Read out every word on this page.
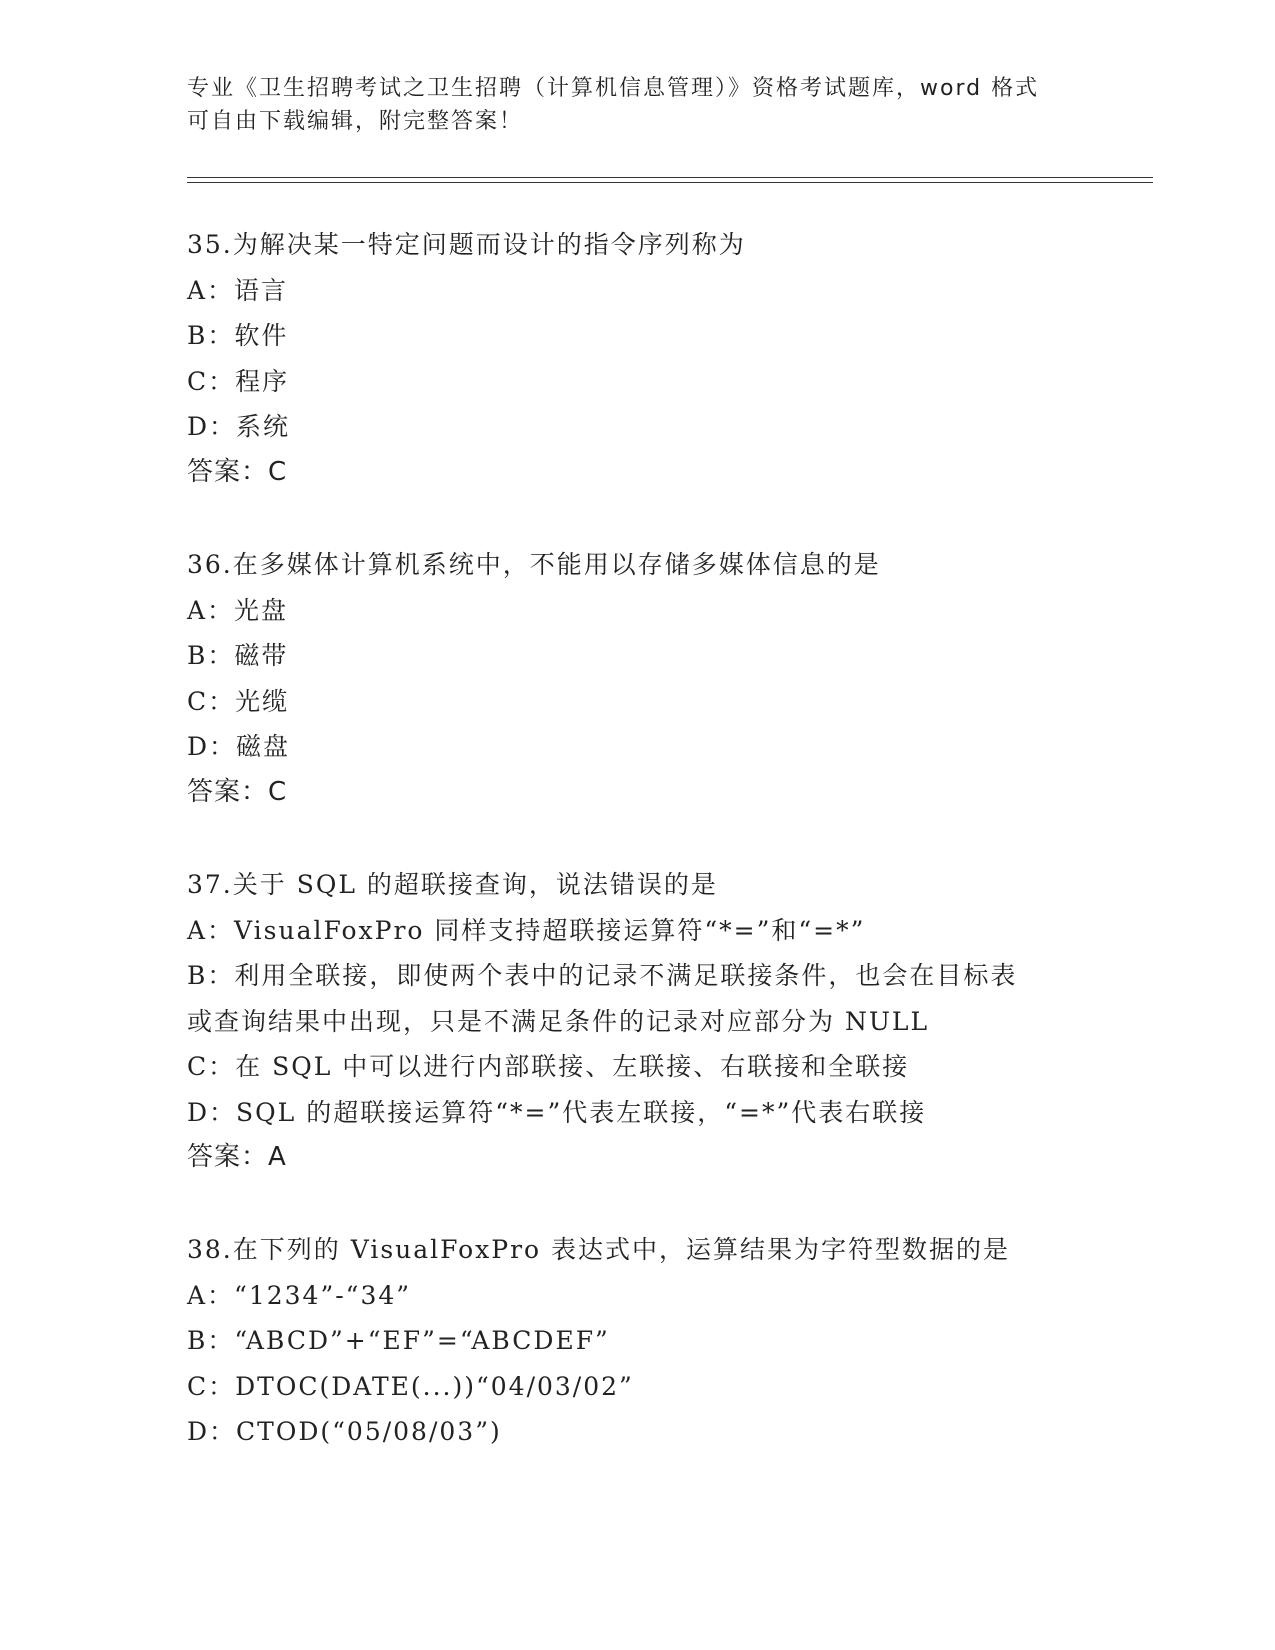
专业《卫生招聘考试之卫生招聘（计算机信息管理）》资格考试题库，word 格式
可自由下载编辑，附完整答案！
35.为解决某一特定问题而设计的指令序列称为
A：语言
B：软件
C：程序
D：系统
答案：C
36.在多媒体计算机系统中，不能用以存储多媒体信息的是
A：光盘
B：磁带
C：光缆
D：磁盘
答案：C
37.关于 SQL 的超联接查询，说法错误的是
A：VisualFoxPro 同样支持超联接运算符“*=”和“=*”
B：利用全联接，即使两个表中的记录不满足联接条件，也会在目标表
或查询结果中出现，只是不满足条件的记录对应部分为 NULL
C：在 SQL 中可以进行内部联接、左联接、右联接和全联接
D：SQL 的超联接运算符“*=”代表左联接，“=*”代表右联接
答案：A
38.在下列的 VisualFoxPro 表达式中，运算结果为字符型数据的是
A：“1234”-“34”
B：“ABCD”+“EF”=“ABCDEF”
C：DTOC(DATE(...))“04/03/02”
D：CTOD(“05/08/03”)
